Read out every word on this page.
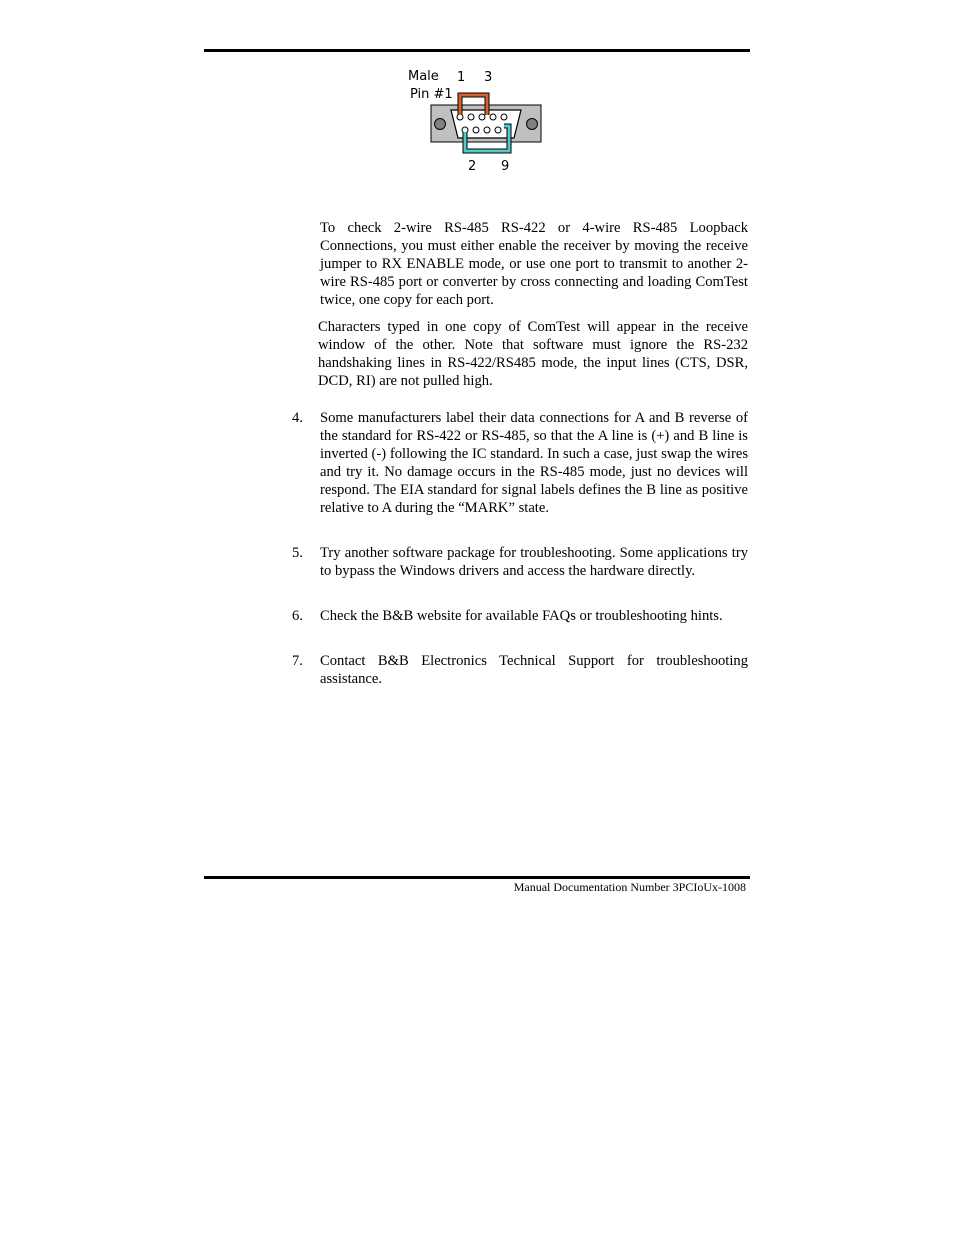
Male
Pin #1
1 3
2 9

To check 2-wire RS-485 RS-422 or 4-wire RS-485 Loopback Connections, you must either enable the receiver by moving the receive jumper to RX ENABLE mode, or use one port to transmit to another 2-wire RS-485 port or converter by cross connecting and loading ComTest twice, one copy for each port.

Characters typed in one copy of ComTest will appear in the receive window of the other. Note that software must ignore the RS-232 handshaking lines in RS-422/RS485 mode, the input lines (CTS, DSR, DCD, RI) are not pulled high.

4. Some manufacturers label their data connections for A and B reverse of the standard for RS-422 or RS-485, so that the A line is (+) and B line is inverted (-) following the IC standard. In such a case, just swap the wires and try it. No damage occurs in the RS-485 mode, just no devices will respond. The EIA standard for signal labels defines the B line as positive relative to A during the “MARK” state.
5. Try another software package for troubleshooting. Some applications try to bypass the Windows drivers and access the hardware directly.
6. Check the B&B website for available FAQs or troubleshooting hints.
7. Contact B&B Electronics Technical Support for troubleshooting assistance.
Manual Documentation Number 3PCIoUx-1008
